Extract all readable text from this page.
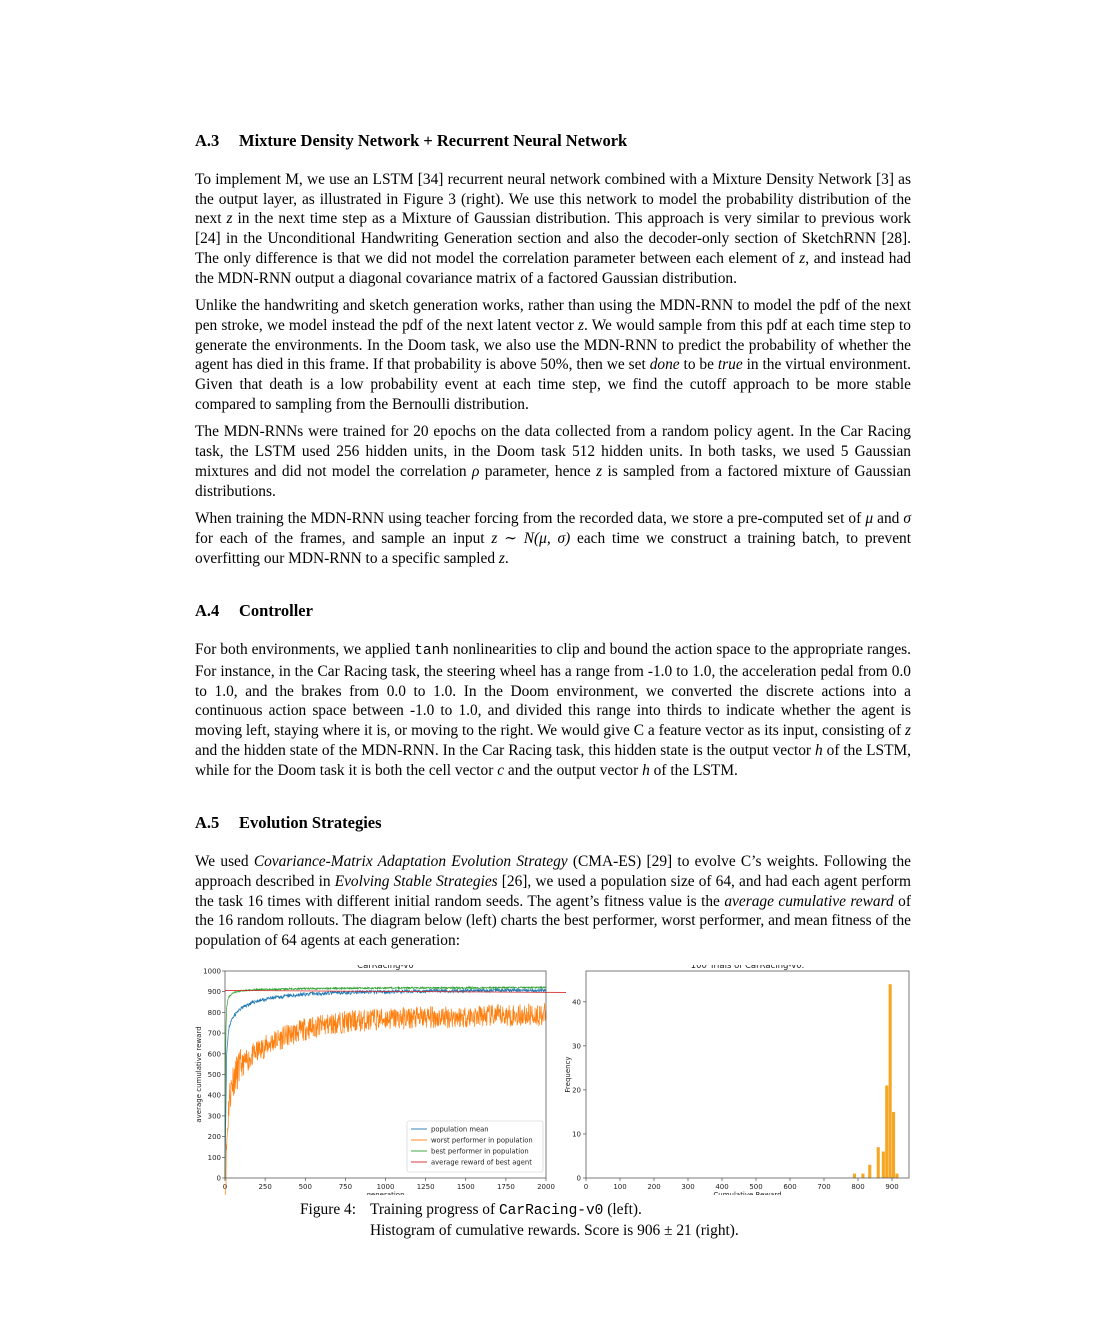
A.3 Mixture Density Network + Recurrent Neural Network

To implement M, we use an LSTM [34] recurrent neural network combined with a Mixture Density Network [3] as the output layer, as illustrated in Figure 3 (right). We use this network to model the probability distribution of the next z in the next time step as a Mixture of Gaussian distribution. This approach is very similar to previous work [24] in the Unconditional Handwriting Generation section and also the decoder-only section of SketchRNN [28]. The only difference is that we did not model the correlation parameter between each element of z, and instead had the MDN-RNN output a diagonal covariance matrix of a factored Gaussian distribution.

Unlike the handwriting and sketch generation works, rather than using the MDN-RNN to model the pdf of the next pen stroke, we model instead the pdf of the next latent vector z. We would sample from this pdf at each time step to generate the environments. In the Doom task, we also use the MDN-RNN to predict the probability of whether the agent has died in this frame. If that probability is above 50%, then we set done to be true in the virtual environment. Given that death is a low probability event at each time step, we find the cutoff approach to be more stable compared to sampling from the Bernoulli distribution.

The MDN-RNNs were trained for 20 epochs on the data collected from a random policy agent. In the Car Racing task, the LSTM used 256 hidden units, in the Doom task 512 hidden units. In both tasks, we used 5 Gaussian mixtures and did not model the correlation ρ parameter, hence z is sampled from a factored mixture of Gaussian distributions.

When training the MDN-RNN using teacher forcing from the recorded data, we store a pre-computed set of μ and σ for each of the frames, and sample an input z ∼ N(μ, σ) each time we construct a training batch, to prevent overfitting our MDN-RNN to a specific sampled z.

A.4 Controller

For both environments, we applied tanh nonlinearities to clip and bound the action space to the appropriate ranges. For instance, in the Car Racing task, the steering wheel has a range from -1.0 to 1.0, the acceleration pedal from 0.0 to 1.0, and the brakes from 0.0 to 1.0. In the Doom environment, we converted the discrete actions into a continuous action space between -1.0 to 1.0, and divided this range into thirds to indicate whether the agent is moving left, staying where it is, or moving to the right. We would give C a feature vector as its input, consisting of z and the hidden state of the MDN-RNN. In the Car Racing task, this hidden state is the output vector h of the LSTM, while for the Doom task it is both the cell vector c and the output vector h of the LSTM.

A.5 Evolution Strategies

We used Covariance-Matrix Adaptation Evolution Strategy (CMA-ES) [29] to evolve C’s weights. Following the approach described in Evolving Stable Strategies [26], we used a population size of 64, and had each agent perform the task 16 times with different initial random seeds. The agent’s fitness value is the average cumulative reward of the 16 random rollouts. The diagram below (left) charts the best performer, worst performer, and mean fitness of the population of 64 agents at each generation:

CarRacing-v0
0
100
200
300
400
500
600
700
800
900
1000
0	250	500	750	1000	1250	1500	1750	2000
generation
average cumulative reward
population mean
worst performer in population
best performer in population
average reward of best agent
100 Trials of CarRacing-v0.
0
10
20
30
40
0	100	200	300	400	500	600	700	800	900
Cumulative Reward
Frequency
Figure 4: Training progress of CarRacing-v0 (left).
Histogram of cumulative rewards. Score is 906 ± 21 (right).
